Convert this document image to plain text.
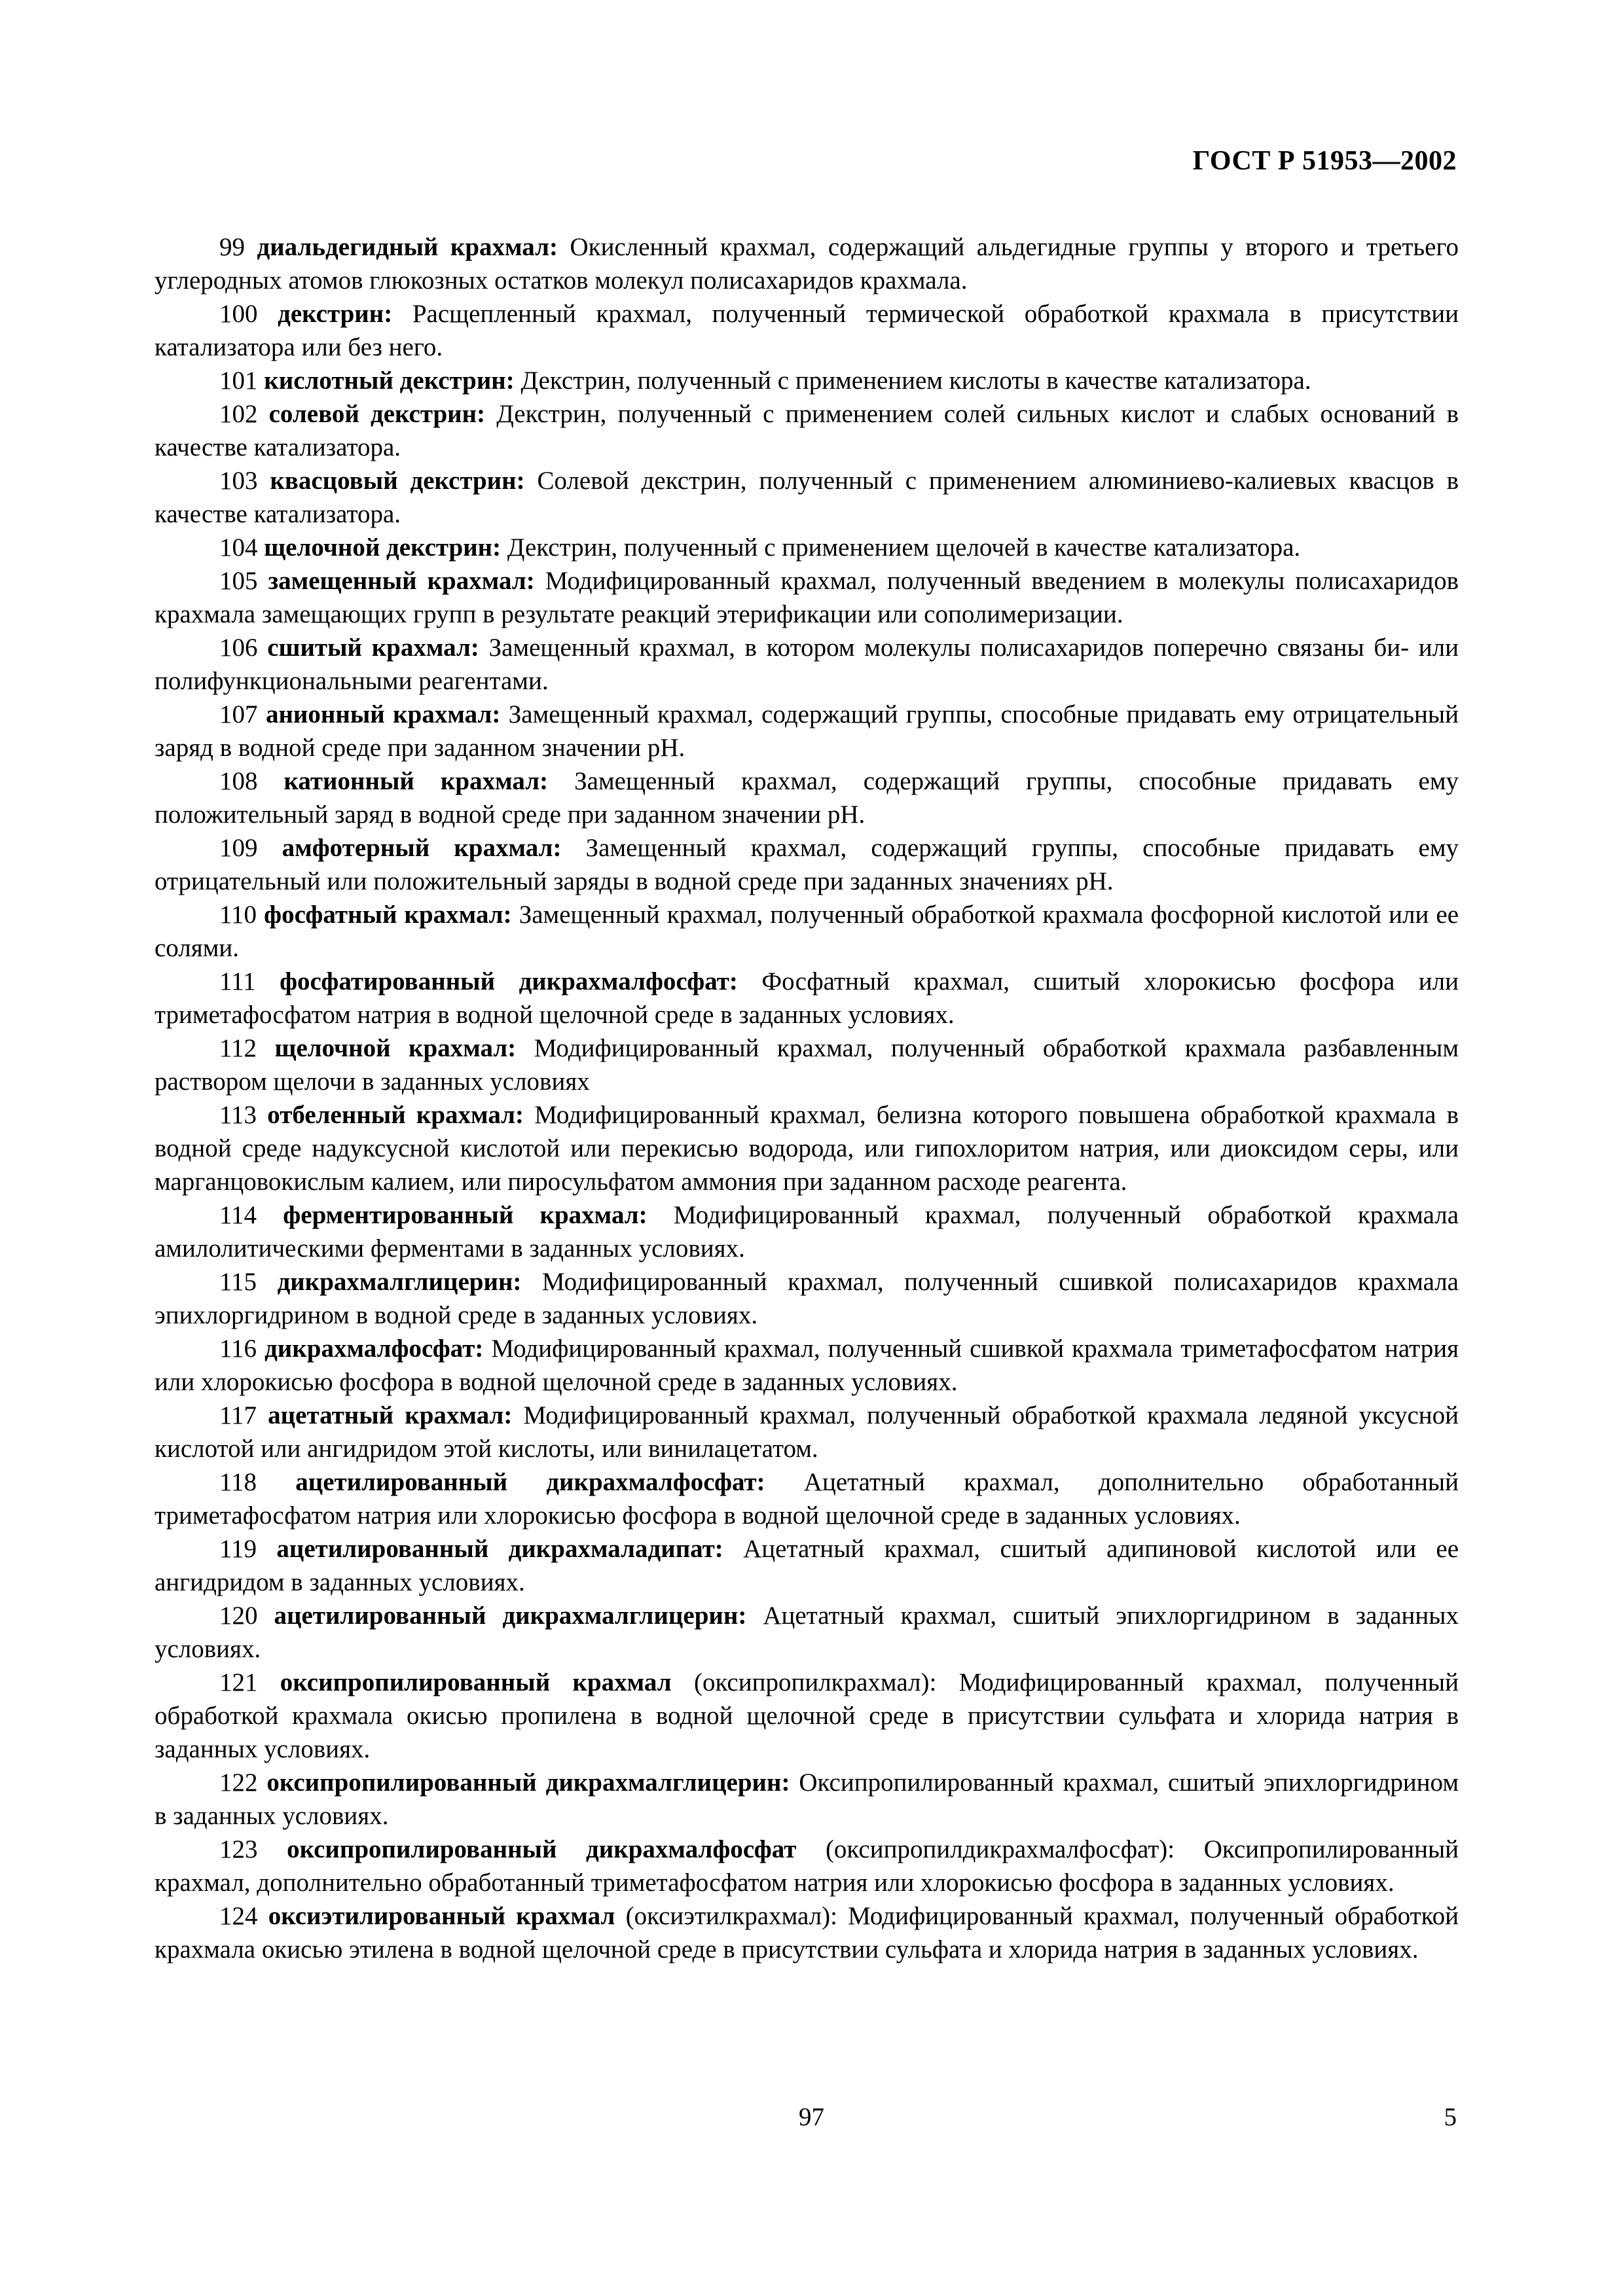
ГОСТ Р 51953—2002

99 диальдегидный крахмал: Окисленный крахмал, содержащий альдегидные группы у второго и третьего углеродных атомов глюкозных остатков молекул полисахаридов крахмала.

100 декстрин: Расщепленный крахмал, полученный термической обработкой крахмала в присутствии катализатора или без него.

101 кислотный декстрин: Декстрин, полученный с применением кислоты в качестве катализатора.

102 солевой декстрин: Декстрин, полученный с применением солей сильных кислот и слабых оснований в качестве катализатора.

103 квасцовый декстрин: Солевой декстрин, полученный с применением алюминиево-калиевых квасцов в качестве катализатора.

104 щелочной декстрин: Декстрин, полученный с применением щелочей в качестве катализатора.

105 замещенный крахмал: Модифицированный крахмал, полученный введением в молекулы полисахаридов крахмала замещающих групп в результате реакций этерификации или сополимеризации.

106 сшитый крахмал: Замещенный крахмал, в котором молекулы полисахаридов поперечно связаны би- или полифункциональными реагентами.

107 анионный крахмал: Замещенный крахмал, содержащий группы, способные придавать ему отрицательный заряд в водной среде при заданном значении pH.

108 катионный крахмал: Замещенный крахмал, содержащий группы, способные придавать ему положительный заряд в водной среде при заданном значении pH.

109 амфотерный крахмал: Замещенный крахмал, содержащий группы, способные придавать ему отрицательный или положительный заряды в водной среде при заданных значениях pH.

110 фосфатный крахмал: Замещенный крахмал, полученный обработкой крахмала фосфорной кислотой или ее солями.

111 фосфатированный дикрахмалфосфат: Фосфатный крахмал, сшитый хлорокисью фосфора или триметафосфатом натрия в водной щелочной среде в заданных условиях.

112 щелочной крахмал: Модифицированный крахмал, полученный обработкой крахмала разбавленным раствором щелочи в заданных условиях

113 отбеленный крахмал: Модифицированный крахмал, белизна которого повышена обработкой крахмала в водной среде надуксусной кислотой или перекисью водорода, или гипохлоритом натрия, или диоксидом серы, или марганцовокислым калием, или пиросульфатом аммония при заданном расходе реагента.

114 ферментированный крахмал: Модифицированный крахмал, полученный обработкой крахмала амилолитическими ферментами в заданных условиях.

115 дикрахмалглицерин: Модифицированный крахмал, полученный сшивкой полисахаридов крахмала эпихлоргидрином в водной среде в заданных условиях.

116 дикрахмалфосфат: Модифицированный крахмал, полученный сшивкой крахмала триметафосфатом натрия или хлорокисью фосфора в водной щелочной среде в заданных условиях.

117 ацетатный крахмал: Модифицированный крахмал, полученный обработкой крахмала ледяной уксусной кислотой или ангидридом этой кислоты, или винилацетатом.

118 ацетилированный дикрахмалфосфат: Ацетатный крахмал, дополнительно обработанный триметафосфатом натрия или хлорокисью фосфора в водной щелочной среде в заданных условиях.

119 ацетилированный дикрахмаладипат: Ацетатный крахмал, сшитый адипиновой кислотой или ее ангидридом в заданных условиях.

120 ацетилированный дикрахмалглицерин: Ацетатный крахмал, сшитый эпихлоргидрином в заданных условиях.

121 оксипропилированный крахмал (оксипропилкрахмал): Модифицированный крахмал, полученный обработкой крахмала окисью пропилена в водной щелочной среде в присутствии сульфата и хлорида натрия в заданных условиях.

122 оксипропилированный дикрахмалглицерин: Оксипропилированный крахмал, сшитый эпихлоргидрином в заданных условиях.

123 оксипропилированный дикрахмалфосфат (оксипропилдикрахмалфосфат): Оксипропилированный крахмал, дополнительно обработанный триметафосфатом натрия или хлорокисью фосфора в заданных условиях.

124 оксиэтилированный крахмал (оксиэтилкрахмал): Модифицированный крахмал, полученный обработкой крахмала окисью этилена в водной щелочной среде в присутствии сульфата и хлорида натрия в заданных условиях.

97	5
